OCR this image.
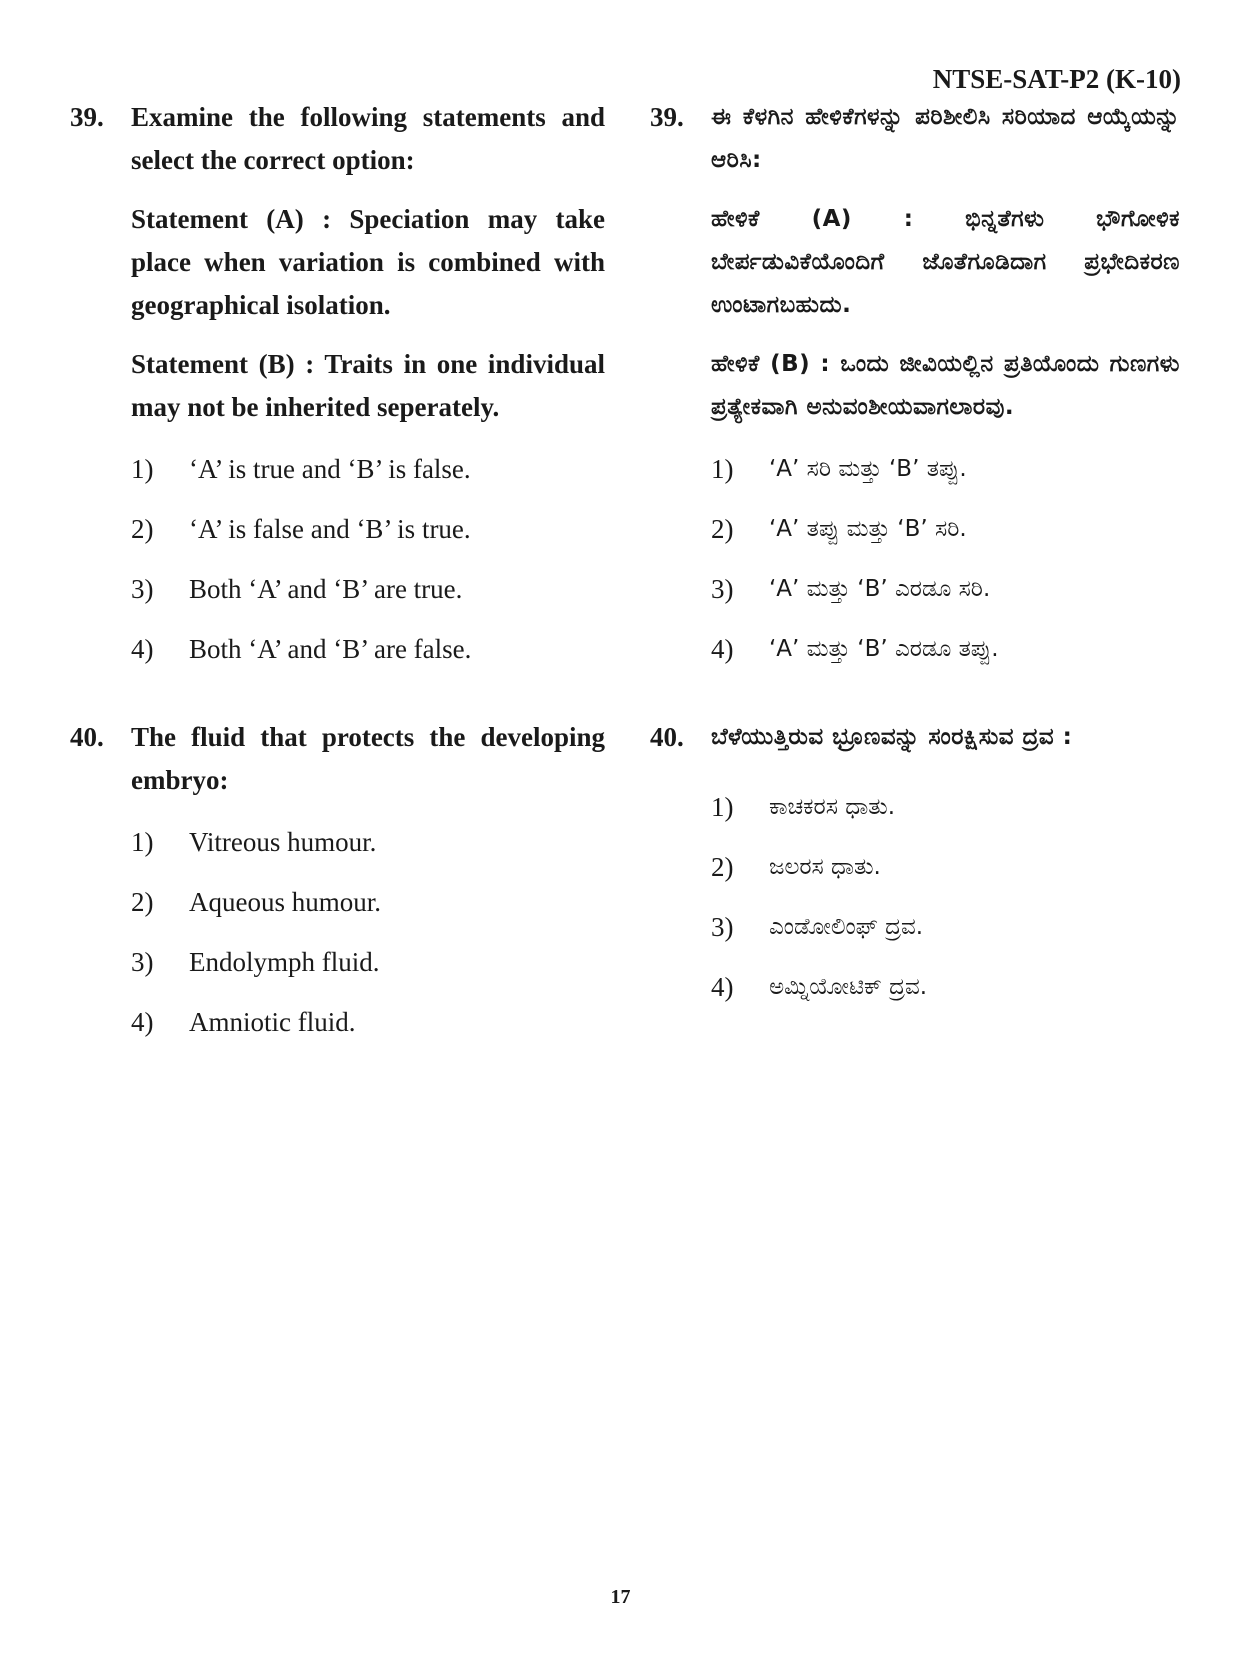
NTSE-SAT-P2 (K-10)
39.	Examine the following statements and select the correct option:
Statement (A) : Speciation may take place when variation is combined with geographical isolation.
Statement (B) : Traits in one individual may not be inherited seperately.
1)	‘A’ is true and ‘B’ is false.
2)	‘A’ is false and ‘B’ is true.
3)	Both ‘A’ and ‘B’ are true.
4)	Both ‘A’ and ‘B’ are false.
40.	The fluid that protects the developing embryo:
1)	Vitreous humour.
2)	Aqueous humour.
3)	Endolymph fluid.
4)	Amniotic fluid.
39.	ಈ ಕೆಳಗಿನ ಹೇಳಿಕೆಗಳನ್ನು ಪರಿಶೀಲಿಸಿ ಸರಿಯಾದ ಆಯ್ಕೆಯನ್ನು ಆರಿಸಿ:
ಹೇಳಿಕೆ (A) : ಭಿನ್ನತೆಗಳು ಭೌಗೋಳಿಕ ಬೇರ್ಪಡುವಿಕೆಯೊಂದಿಗೆ ಜೊತೆಗೂಡಿದಾಗ ಪ್ರಭೇದಿಕರಣ ಉಂಟಾಗಬಹುದು.
ಹೇಳಿಕೆ (B) : ಒಂದು ಜೀವಿಯಲ್ಲಿನ ಪ್ರತಿಯೊಂದು ಗುಣಗಳು ಪ್ರತ್ಯೇಕವಾಗಿ ಅನುವಂಶೀಯವಾಗಲಾರವು.
1)	‘A’ ಸರಿ ಮತ್ತು ‘B’ ತಪ್ಪು.
2)	‘A’ ತಪ್ಪು ಮತ್ತು ‘B’ ಸರಿ.
3)	‘A’ ಮತ್ತು ‘B’ ಎರಡೂ ಸರಿ.
4)	‘A’ ಮತ್ತು ‘B’ ಎರಡೂ ತಪ್ಪು.
40.	ಬೆಳೆಯುತ್ತಿರುವ ಭ್ರೂಣವನ್ನು ಸಂರಕ್ಷಿಸುವ ದ್ರವ :
1)	ಕಾಚಕರಸ ಧಾತು.
2)	ಜಲರಸ ಧಾತು.
3)	ಎಂಡೋಲಿಂಫ್ ದ್ರವ.
4)	ಅಮ್ನಿಯೋಟಿಕ್ ದ್ರವ.
17
